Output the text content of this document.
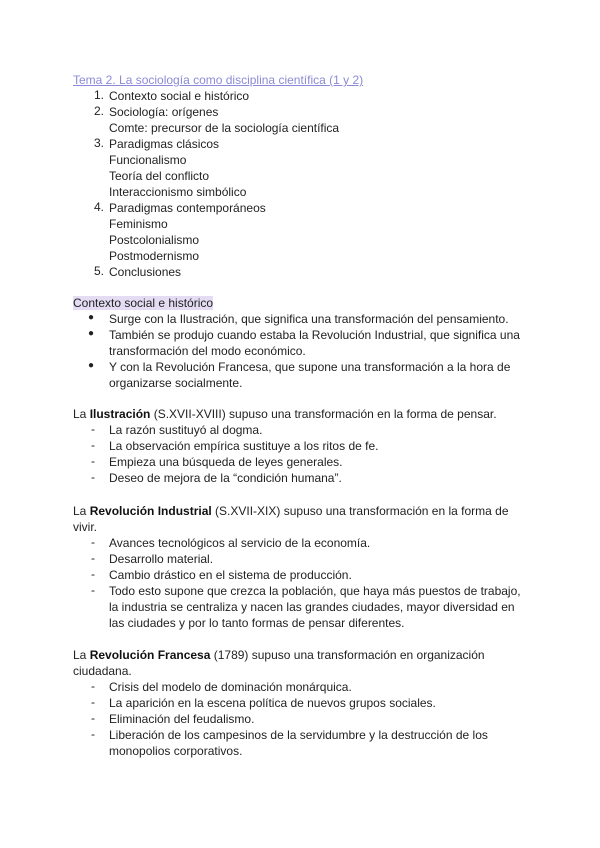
Tema 2. La sociología como disciplina científica (1 y 2)
1. Contexto social e histórico
2. Sociología: orígenes
Comte: precursor de la sociología científica
3. Paradigmas clásicos
Funcionalismo
Teoría del conflicto
Interaccionismo simbólico
4. Paradigmas contemporáneos
Feminismo
Postcolonialismo
Postmodernismo
5. Conclusiones
Contexto social e histórico
● Surge con la Ilustración, que significa una transformación del pensamiento.
● También se produjo cuando estaba la Revolución Industrial, que significa una
transformación del modo económico.
● Y con la Revolución Francesa, que supone una transformación a la hora de
organizarse socialmente.
La Ilustración (S.XVII-XVIII) supuso una transformación en la forma de pensar.
- La razón sustituyó al dogma.
- La observación empírica sustituye a los ritos de fe.
- Empieza una búsqueda de leyes generales.
- Deseo de mejora de la “condición humana”.
La Revolución Industrial (S.XVII-XIX) supuso una transformación en la forma de
vivir.
- Avances tecnológicos al servicio de la economía.
- Desarrollo material.
- Cambio drástico en el sistema de producción.
- Todo esto supone que crezca la población, que haya más puestos de trabajo,
la industria se centraliza y nacen las grandes ciudades, mayor diversidad en
las ciudades y por lo tanto formas de pensar diferentes.
La Revolución Francesa (1789) supuso una transformación en organización
ciudadana.
- Crisis del modelo de dominación monárquica.
- La aparición en la escena política de nuevos grupos sociales.
- Eliminación del feudalismo.
- Liberación de los campesinos de la servidumbre y la destrucción de los
monopolios corporativos.
